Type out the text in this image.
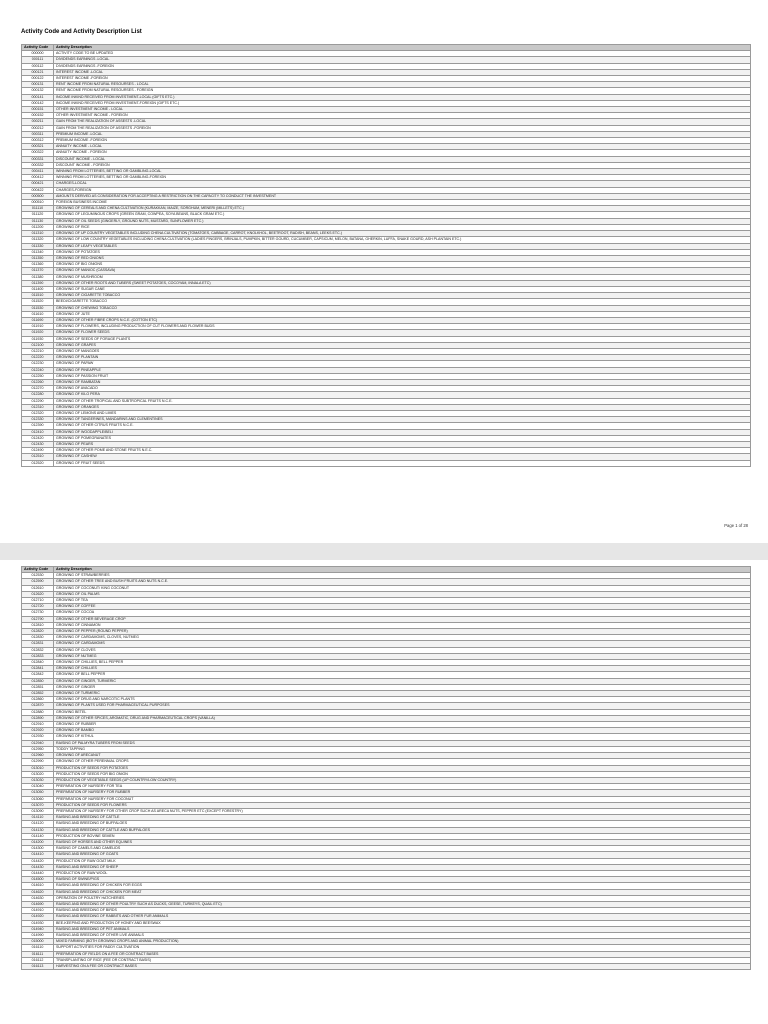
Activity Code and Activity Description List
Activity Code	Activity Description
000000	ACTIVITY CODE TO BE UPDATED
000111	DIVIDENDS EARNINGS -LOCAL
000112	DIVIDENDS EARNINGS -FOREIGN
000121	INTEREST INCOME -LOCAL
000122	INTEREST INCOME -FOREIGN
000131	RENT INCOME FROM NATURAL RESOURSES - LOCAL
000132	RENT INCOME FROM NATURAL RESOURSES - FOREIGN
000141	INCOME INKIND RECEIVED FROM INVESTMENT-LOCAL (GIFTS ETC.)
000142	INCOME INKIND RECEIVED FROM INVESTMENT-FOREIGN (GIFTS ETC.)
000151	OTHER INVESTMENT INCOME - LOCAL
000152	OTHER INVESTMENT INCOME - FOREIGN
000211	GAIN FROM THE REALIZATION OF ASSESTS -LOCAL
000212	GAIN FROM THE REALIZATION OF ASSESTS -FOREIGN
000311	PREMIUM INCOME -LOCAL
000312	PREMIUM INCOME -FOREIGN
000321	ANNUITY INCOME - LOCAL
000322	ANNUITY INCOME - FOREIGN
000331	DISCOUNT INCOME - LOCAL
000332	DISCOUNT INCOME - FOREIGN
000411	WINNING FROM LOTTERIES, BETTING OR GAMBLING-LOCAL
000412	WINNING FROM LOTTERIES, BETTING OR GAMBLING-FOREIGN
000421	CHARGES-LOCAL
000422	CHARGES-FOREIGN
000500	AMOUNTS DERIVED AS CONSIDERATION FOR ACCEPTING A RESTRICTION ON THE CAPACITY TO CONDUCT THE INVESTMENT
000510	FOREIGN BUSINESS INCOME
011110	GROWING OF CEREALS AND CHENA CULTIVATION (KURAKKAN, MAIZE, SORGHUM, MENERI (MILLETS) ETC.)
011120	GROWING OF LEGUMINOUS CROPS (GREEN GRAM, COWPEA, SOYA BEANS, BLACK GRAM ETC.)
011130	GROWING OF OIL SEEDS (GINGERLY, GROUND NUTS, MUSTARD, SUNFLOWER ETC.)
011200	GROWING OF RICE
011310	GROWING OF UP COUNTRY VEGETABLES INCLUDING CHENA CULTIVATION (TOMATOES, CABBAGE, CARROT, KNOLKHOL, BEETROOT, RADISH, BEANS, LEEKS ETC.)
011320	GROWING OF LOW COUNTRY VEGETABLES INCLUDING CHENA CULTIVATION (LADIES FINGERS, BRINJALS, PUMPKIN, BITTER GOURD, CUCUMBER, CAPSICUM, MELON, BATANA, GHERKIN, LUFFA, SNAKE GOURD, ASH PLANTAIN ETC.)
011330	GROWING OF LEAFY VEGETABLES
011340	GROWING OF POTATOES
011350	GROWING OF RED ONIONS
011360	GROWING OF BIG ONIONS
011370	GROWING OF MANIOC (CASSAVA)
011380	GROWING OF MUSHROOM
011390	GROWING OF OTHER ROOTS AND TUBERS (SWEET POTATOES, COCOYAM, INNALA ETC)
011400	GROWING OF SUGAR CANE
011510	GROWING OF CIGARETTE TOBACCO
011520	BEEDI/CIGARETTE TOBACCO
011530	GROWING OF CHEWING TOBACCO
011610	GROWING OF JUTE
011690	GROWING OF OTHER FIBRE CROPS N.C.E. (COTTON ETC)
011910	GROWING OF FLOWERS, INCLUDING PRODUCTION OF CUT FLOWERS AND FLOWER BUDS
011920	GROWING OF FLOWER SEEDS
011930	GROWING OF SEEDS OF FORAGE PLANTS
012100	GROWING OF GRAPES
012210	GROWING OF MANGOES
012220	GROWING OF PLANTAIN
012230	GROWING OF PAPAW
012240	GROWING OF PINEAPPLE
012250	GROWING OF PASSION FRUIT
012260	GROWING OF RAMBATAN
012270	GROWING OF AVACADO
012280	GROWING OF KILO PERA
012290	GROWING OF OTHER TROPICAL AND SUBTROPICAL FRUITS N.C.E.
012310	GROWING OF ORANGES
012320	GROWING OF LEMONS AND LIMES
012330	GROWING OF TANGERINES, MANDARINS AND CLEMENTINES
012390	GROWING OF OTHER CITRUS FRUITS N.C.E.
012410	GROWING OF WOODAPPLE/BELI
012420	GROWING OF POMEGRANATES
012430	GROWING OF PEARS
012490	GROWING OF OTHER POME AND STONE FRUITS N.E.C.
012510	GROWING OF CASHEW
012520	GROWING OF FRUIT SEEDS
Page 1 of 28
Activity Code	Activity Description
012530	GROWING OF STRAWBERRIES
012590	GROWING OF OTHER TREE AND BUSH FRUITS AND NUTS N.C.E.
012610	GROWING OF COCONUT/ KING COCONUT
012620	GROWING OF OIL PALMS
012710	GROWING OF TEA
012720	GROWING OF COFFEE
012730	GROWING OF COCOA
012790	GROWING OF OTHER BEVERAGE CROP
012810	GROWING OF CINNAMON
012820	GROWING OF PEPPER (ROUND PEPPER)
012830	GROWING OF CARDAMOMS, CLOVES, NUTMEG
012831	GROWING OF CARDAMOMS
012832	GROWING OF CLOVES
012833	GROWING OF NUTMEG
012840	GROWING OF CHILLIES, BELL PEPPER
012841	GROWING OF CHILLIES
012842	GROWING OF BELL PEPPER
012850	GROWING OF GINGER, TURMERIC
012851	GROWING OF GINGER
012852	GROWING OF TURMERIC
012860	GROWING OF DRUG AND NARCOTIC PLANTS
012870	GROWING OF PLANTS USED FOR PHARMACEUTICAL PURPOSES
012880	GROWING BETEL
012890	GROWING OF OTHER SPICES, AROMATIC, DRUG AND PHARMACEUTICAL CROPS (VANILLA)
012910	GROWING OF RUBBER
012920	GROWING OF BAMBO
012930	GROWING OF KITHUL
012940	RAISING OF PALMYRA TUBERS FROM SEEDS
012950	TODDY TAPPING
012960	GROWING OF ARECANUT
012990	GROWING OF OTHER PERENNIAL CROPS
013010	PRODUCTION OF SEEDS FOR POTATOES
013020	PRODUCTION OF SEEDS FOR BIG ONION
013030	PRODUCTION OF VEGETABLE SEEDS (UP COUNTRY/LOW COUNTRY)
013040	PREPARATION OF NURSERY FOR TEA
013050	PREPARATION OF NURSERY FOR RUBBER
013060	PREPARATION OF NURSERY FOR COCONUT
013070	PRODUCTION OF SEEDS FOR FLOWERS
013090	PREPARATION OF NURSERY FOR OTHER CROP SUCH AS ARECA NUTS, PEPPER ETC (EXCEPT FORESTRY)
014110	RAISING AND BREEDING OF CATTLE
014120	RAISING AND BREEDING OF BUFFALOES
014130	RAISING AND BREEDING OF CATTLE AND BUFFALOES
014140	PRODUCTION OF BOVINE SEMEN
014200	RAISING OF HORSES AND OTHER EQUINES
014300	RAISING OF CAMELS AND CAMELIDS
014410	RAISING AND BREEDING OF GOATS
014420	PRODUCTION OF RAW GOAT MILK
014430	RAISING AND BREEDING OF SHEEP
014440	PRODUCTION OF RAW WOOL
014500	RAISING OF SWINE/PIGS
014610	RAISING AND BREEDING OF CHICKEN FOR EGGS
014620	RAISING AND BREEDING OF CHICKEN FOR MEAT
014630	OPERATION OF POULTRY HATCHERIES
014690	RAISING AND BREEDING OF OTHER POULTRY SUCH AS DUCKS, GEESE, TURKEYS, QUAIL ETC)
014910	RAISING AND BREEDING OF BIRDS
014920	RAISING AND BREEDING OF RABBITS AND OTHER FUR ANIMALS
014930	BEE-KEEPING AND PRODUCTION OF HONEY AND BEESWAX
014940	RAISING AND BREEDING OF PET ANIMALS
014990	RAISING AND BREEDING OF OTHER LIVE ANIMALS
015000	MIXED FARMING (BOTH GROWING CROPS AND ANIMAL PRODUCTION)
016110	SUPPORT ACTIVITIES FOR PADDY CULTIVATION
016111	PREPARATION OF FIELDS ON A FEE OR CONTRACT BASES
016112	TRANSPLANTING OF RICE (FEE OR CONTRACT BASIS)
016113	HARVESTING ON A FEE OR CONTRACT BASES
